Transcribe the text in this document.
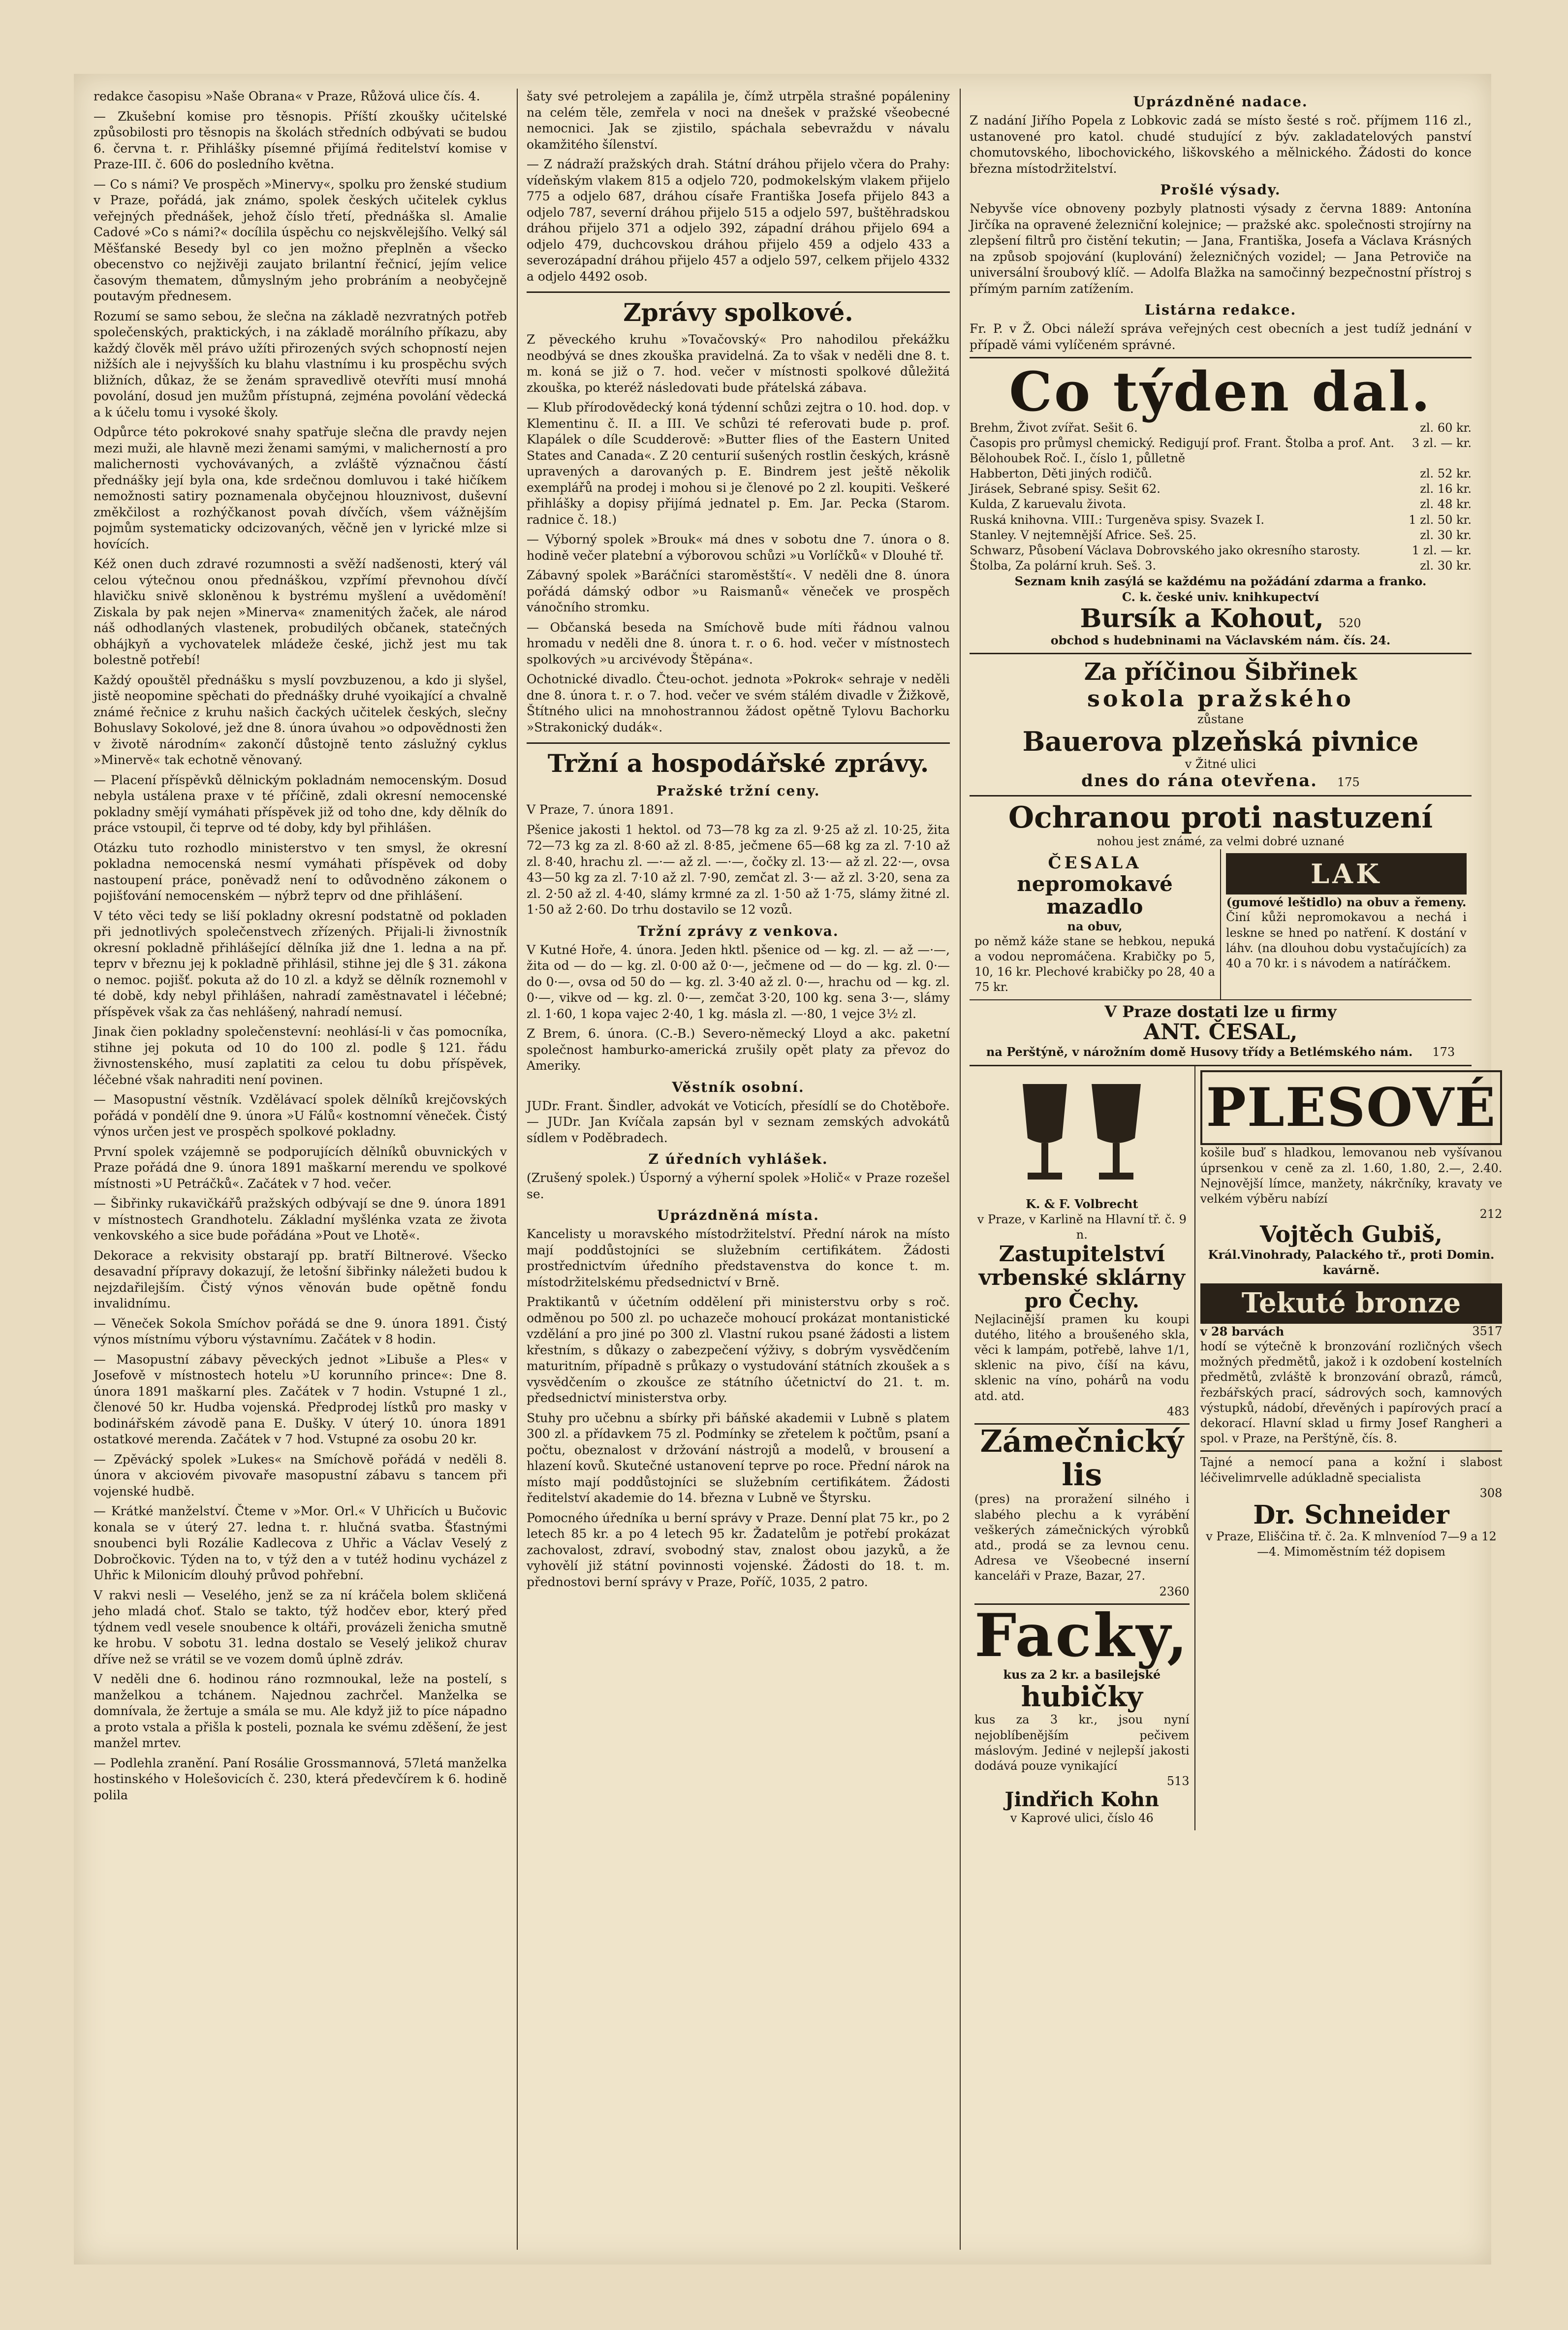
redakce časopisu »Naše Obrana« v Praze, Růžová ulice čís. 4.

— Zkušební komise pro těsnopis. Příští zkoušky učitelské způsobilosti pro těsnopis na školách středních odbývati se budou 6. června t. r. Přihlášky písemné přijímá ředitelství komise v Praze-III. č. 606 do posledního května.

— Co s námi? Ve prospěch »Minervy«, spolku pro ženské studium v Praze, pořádá, jak známo, spolek českých učitelek cyklus veřejných přednášek, jehož číslo třetí, přednáška sl. Amalie Cadové »Co s námi?« docílila úspěchu co nejskvělejšího. Velký sál Měšťanské Besedy byl co jen možno přeplněn a všecko obecenstvo co nejživěji zaujato brilantní řečnicí, jejím velice časovým thematem, důmyslným jeho probráním a neobyčejně poutavým přednesem.

Rozumí se samo sebou, že slečna na základě nezvratných potřeb společenských, praktických, i na základě morálního příkazu, aby každý člověk měl právo užíti přirozených svých schopností nejen nižších ale i nejvyšších ku blahu vlastnímu i ku prospěchu svých bližních, důkaz, že se ženám spravedlivě otevříti musí mnohá povolání, dosud jen mužům přístupná, zejména povolání vědecká a k účelu tomu i vysoké školy.

Odpůrce této pokrokové snahy spatřuje slečna dle pravdy nejen mezi muži, ale hlavně mezi ženami samými, v malicherností a pro malichernosti vychovávaných, a zvláště význačnou částí přednášky její byla ona, kde srdečnou domluvou i také hičíkem nemožnosti satiry poznamenala obyčejnou hlouznivost, duševní změkčilost a rozhýčkanost povah dívčích, všem vážnějším pojmům systematicky odcizovaných, věčně jen v lyrické mlze si hovících.

Kéž onen duch zdravé rozumnosti a svěží nadšenosti, který vál celou výtečnou onou přednáškou, vzpřímí převnohou dívčí hlavičku snivě skloněnou k bystrému myšlení a uvědomění! Ziskala by pak nejen »Minerva« znamenitých žaček, ale národ náš odhodlaných vlastenek, probudilých občanek, statečných obhájkyň a vychovatelek mládeže české, jichž jest mu tak bolestně potřebí!

Každý opouštěl přednášku s myslí povzbuzenou, a kdo ji slyšel, jistě neopomine spěchati do přednášky druhé vyoikající a chvalně známé řečnice z kruhu našich čackých učitelek českých, slečny Bohuslavy Sokolové, jež dne 8. února úvahou »o odpovědnosti žen v životě národním« zakončí důstojně tento záslužný cyklus »Minervě« tak echotně věnovaný.

— Placení příspěvků dělnickým pokladnám nemocenským. Dosud nebyla ustálena praxe v té příčině, zdali okresní nemocenské pokladny smějí vymáhati příspěvek již od toho dne, kdy dělník do práce vstoupil, či teprve od té doby, kdy byl přihlášen.

Otázku tuto rozhodlo ministerstvo v ten smysl, že okresní pokladna nemocenská nesmí vymáhati příspěvek od doby nastoupení práce, poněvadž není to odůvodněno zákonem o pojišťování nemocenském — nýbrž teprv od dne přihlášení.

V této věci tedy se liší pokladny okresní podstatně od pokladen při jednotlivých společenstvech zřízených. Přijali-li živnostník okresní pokladně přihlášející dělníka již dne 1. ledna a na př. teprv v březnu jej k pokladně přihlásil, stihne jej dle § 31. zákona o nemoc. pojišť. pokuta až do 10 zl. a když se dělník roznemohl v té době, kdy nebyl přihlášen, nahradí zaměstnavatel i léčebné; příspěvek však za čas nehlášený, nahradí nemusí.

Jinak čien pokladny společenstevní: neohlásí-li v čas pomocníka, stihne jej pokuta od 10 do 100 zl. podle § 121. řádu živnostenského, musí zaplatiti za celou tu dobu příspěvek, léčebné však nahraditi není povinen.

— Masopustní věstník. Vzdělávací spolek dělníků krejčovských pořádá v pondělí dne 9. února »U Fálů« kostnomní věneček. Čistý výnos určen jest ve prospěch spolkové pokladny.

První spolek vzájemně se podporujících dělníků obuvnických v Praze pořádá dne 9. února 1891 maškarní merendu ve spolkové místnosti »U Petráčků«. Začátek v 7 hod. večer.

— Šibřinky rukavičkářů pražských odbývají se dne 9. února 1891 v místnostech Grandhotelu. Základní myšlénka vzata ze života venkovského a sice bude pořádána »Pout ve Lhotě«.

Dekorace a rekvisity obstarají pp. bratří Biltnerové. Všecko desavadní přípravy dokazují, že letošní šibřinky náležeti budou k nejzdařilejším. Čistý výnos věnován bude opětně fondu invalidnímu.

— Věneček Sokola Smíchov pořádá se dne 9. února 1891. Čistý výnos místnímu výboru výstavnímu. Začátek v 8 hodin.

— Masopustní zábavy pěveckých jednot »Libuše a Ples« v Josefově v místnostech hotelu »U korunního prince«: Dne 8. února 1891 maškarní ples. Začátek v 7 hodin. Vstupné 1 zl., členové 50 kr. Hudba vojenská. Předprodej lístků pro masky v bodinářském závodě pana E. Dušky. V úterý 10. února 1891 ostatkové merenda. Začátek v 7 hod. Vstupné za osobu 20 kr.

— Zpěvácký spolek »Lukes« na Smíchově pořádá v neděli 8. února v akciovém pivovaře masopustní zábavu s tancem při vojenské hudbě.

— Krátké manželství. Čteme v »Mor. Orl.« V Uhřicích u Bučovic konala se v úterý 27. ledna t. r. hlučná svatba. Šťastnými snoubenci byli Rozálie Kadlecova z Uhřic a Václav Veselý z Dobročkovic. Týden na to, v týž den a v tutéž hodinu vycházel z Uhřic k Milonicím dlouhý průvod pohřební.

V rakvi nesli — Veselého, jenž se za ní kráčela bolem skličená jeho mladá choť. Stalo se takto, týž hodčev ebor, který před týdnem vedl vesele snoubence k oltáři, provázeli ženicha smutně ke hrobu. V sobotu 31. ledna dostalo se Veselý jelikož churav dříve než se vrátil se ve vozem domů úplně zdráv.

V neděli dne 6. hodinou ráno rozmnoukal, leže na postelí, s manželkou a tchánem. Najednou zachrčel. Manželka se domnívala, že žertuje a smála se mu. Ale když již to píce nápadno a proto vstala a přišla k posteli, poznala ke svému zděšení, že jest manžel mrtev.

— Podlehla zranění. Paní Rosálie Grossmannová, 57letá manželka hostinského v Holešovicích č. 230, která předevčírem k 6. hodině polila

šaty své petrolejem a zapálila je, čímž utrpěla strašné popáleniny na celém těle, zemřela v noci na dnešek v pražské všeobecné nemocnici. Jak se zjistilo, spáchala sebevraždu v návalu okamžitého šílenství.

— Z nádraží pražských drah. Státní dráhou přijelo včera do Prahy: vídeňským vlakem 815 a odjelo 720, podmokelským vlakem přijelo 775 a odjelo 687, dráhou císaře Františka Josefa přijelo 843 a odjelo 787, severní dráhou přijelo 515 a odjelo 597, buštěhradskou dráhou přijelo 371 a odjelo 392, západní dráhou přijelo 694 a odjelo 479, duchcovskou dráhou přijelo 459 a odjelo 433 a severozápadní dráhou přijelo 457 a odjelo 597, celkem přijelo 4332 a odjelo 4492 osob.

Zprávy spolkové.

Z pěveckého kruhu »Tovačovský« Pro nahodilou překážku neodbývá se dnes zkouška pravidelná. Za to však v neděli dne 8. t. m. koná se již o 7. hod. večer v místnosti spolkové důležitá zkouška, po kteréž následovati bude přátelská zábava.

— Klub přírodovědecký koná týdenní schůzi zejtra o 10. hod. dop. v Klementinu č. II. a III. Ve schůzi té referovati bude p. prof. Klapálek o díle Scudderově: »Butter flies of the Eastern United States and Canada«. Z 20 centurií sušených rostlin českých, krásně upravených a darovaných p. E. Bindrem jest ještě několik exemplářů na prodej i mohou si je členové po 2 zl. koupiti. Veškeré přihlášky a dopisy přijímá jednatel p. Em. Jar. Pecka (Starom. radnice č. 18.)

— Výborný spolek »Brouk« má dnes v sobotu dne 7. února o 8. hodině večer platební a výborovou schůzi »u Vorlíčků« v Dlouhé tř.

Zábavný spolek »Baráčníci staroměstští«. V neděli dne 8. února pořádá dámský odbor »u Raismanů« věneček ve prospěch vánočního stromku.

— Občanská beseda na Smíchově bude míti řádnou valnou hromadu v neděli dne 8. února t. r. o 6. hod. večer v místnostech spolkových »u arcivévody Štěpána«.

Ochotnické divadlo. Čteu-ochot. jednota »Pokrok« sehraje v neděli dne 8. února t. r. o 7. hod. večer ve svém stálém divadle v Žižkově, Štítného ulici na mnohostrannou žádost opětně Tylovu Bachorku »Strakonický dudák«.

Tržní a hospodářské zprávy.
Pražské tržní ceny.

V Praze, 7. února 1891.

Pšenice jakosti 1 hektol. od 73—78 kg za zl. 9·25 až zl. 10·25, žita 72—73 kg za zl. 8·60 až zl. 8·85, ječmene 65—68 kg za zl. 7·10 až zl. 8·40, hrachu zl. —·— až zl. —·—, čočky zl. 13·— až zl. 22·—, ovsa 43—50 kg za zl. 7·10 až zl. 7·90, zemčat zl. 3·— až zl. 3·20, sena za zl. 2·50 až zl. 4·40, slámy krmné za zl. 1·50 až 1·75, slámy žitné zl. 1·50 až 2·60. Do trhu dostavilo se 12 vozů.

Tržní zprávy z venkova.

V Kutné Hoře, 4. února. Jeden hktl. pšenice od — kg. zl. — až —·—, žita od — do — kg. zl. 0·00 až 0·—, ječmene od — do — kg. zl. 0·— do 0·—, ovsa od 50 do — kg. zl. 3·40 až zl. 0·—, hrachu od — kg. zl. 0·—, vikve od — kg. zl. 0·—, zemčat 3·20, 100 kg. sena 3·—, slámy zl. 1·60, 1 kopa vajec 2·40, 1 kg. másla zl. —·80, 1 vejce 3½ zl.

Z Brem, 6. února. (C.-B.) Severo-německý Lloyd a akc. paketní společnost hamburko-americká zrušily opět platy za převoz do Ameriky.

Věstník osobní.

JUDr. Frant. Šindler, advokát ve Voticích, přesídlí se do Chotěboře. — JUDr. Jan Kvíčala zapsán byl v seznam zemských advokátů sídlem v Poděbradech.

Z úředních vyhlášek.

(Zrušený spolek.) Úsporný a výherní spolek »Holič« v Praze rozešel se.

Uprázdněná místa.

Kancelisty u moravského místodržitelství. Přední nárok na místo mají poddůstojníci se služebním certifikátem. Žádosti prostřednictvím úředního představenstva do konce t. m. místodržitelskému předsednictví v Brně.

Praktikantů v účetním oddělení při ministerstvu orby s roč. odměnou po 500 zl. po uchazeče mohoucí prokázat montanistické vzdělání a pro jiné po 300 zl. Vlastní rukou psané žádosti a listem křestním, s důkazy o zabezpečení výživy, s dobrým vysvědčením maturitním, případně s průkazy o vystudování státních zkoušek a s vysvědčením o zkoušce ze státního účetnictví do 21. t. m. předsednictví ministerstva orby.

Stuhy pro učebnu a sbírky při báňské akademii v Lubně s platem 300 zl. a přídavkem 75 zl. Podmínky se zřetelem k počtům, psaní a počtu, obeznalost v držování nástrojů a modelů, v brousení a hlazení kovů. Skutečné ustanovení teprve po roce. Přední nárok na místo mají poddůstojníci se služebním certifikátem. Žádosti ředitelství akademie do 14. března v Lubně ve Štyrsku.

Pomocného úředníka u berní správy v Praze. Denní plat 75 kr., po 2 letech 85 kr. a po 4 letech 95 kr. Žadatelům je potřebí prokázat zachovalost, zdraví, svobodný stav, znalost obou jazyků, a že vyhovělí již státní povinnosti vojenské. Žádosti do 18. t. m. přednostovi berní správy v Praze, Poříč, 1035, 2 patro.

Uprázdněné nadace.

Z nadání Jiřího Popela z Lobkovic zadá se místo šesté s roč. příjmem 116 zl., ustanovené pro katol. chudé studující z býv. zakladatelových panství chomutovského, libochovického, liškovského a mělnického. Žádosti do konce března místodržitelství.

Prošlé výsady.

Nebyvše více obnoveny pozbyly platnosti výsady z června 1889: Antonína Jirčíka na opravené železniční kolejnice; — pražské akc. společnosti strojírny na zlepšení filtrů pro čistění tekutin; — Jana, Františka, Josefa a Václava Krásných na způsob spojování (kuplování) železničných vozidel; — Jana Petroviče na universální šroubový klíč. — Adolfa Blažka na samočinný bezpečnostní přístroj s přímým parním zatížením.

Listárna redakce.

Fr. P. v Ž. Obci náleží správa veřejných cest obecních a jest tudíž jednání v případě vámi vylíčeném správné.

Co týden dal.
Brehm, Život zvířat. Sešit 6.	zl. 60 kr.
Časopis pro průmysl chemický. Redigují prof. Frant. Štolba a prof. Ant. Bělohoubek Roč. I., číslo 1, půlletně
3 zl. — kr.
Habberton, Děti jiných rodičů.	zl. 52 kr.
Jirásek, Sebrané spisy. Sešit 62.	zl. 16 kr.
Kulda, Z karuevalu života.	zl. 48 kr.
Ruská knihovna. VIII.: Turgeněva spisy. Svazek I.	1 zl. 50 kr.
Stanley. V nejtemnější Africe. Seš. 25.	zl. 30 kr.
Schwarz, Působení Václava Dobrovského jako okresního starosty.	1 zl. — kr.
Štolba, Za polární kruh. Seš. 3.	zl. 30 kr.
Seznam knih zasýlá se každému na požádání zdarma a franko.
C. k. české univ. knihkupectví
Bursík a Kohout, 520
obchod s hudebninami na Václavském nám. čís. 24.
Za příčinou Šibřinek
sokola pražského
zůstane
Bauerova plzeňská pivnice
v Žitné ulici
dnes do rána otevřena. 175
Ochranou proti nastuzení
nohou jest známé, za velmi dobré uznané
ČESALA
nepromokavé mazadlo
na obuv,
po němž káže stane se hebkou, nepuká a vodou nepromáčena. Krabičky po 5, 10, 16 kr. Plechové krabičky po 28, 40 a 75 kr.
LAK
(gumové leštidlo) na obuv a řemeny.
Činí kůži nepromokavou a nechá i leskne se hned po natření. K dostání v láhv. (na dlouhou dobu vystačujících) za 40 a 70 kr. i s návodem a natíráčkem.
V Praze dostati lze u firmy
ANT. ČESAL,
na Perštýně, v nárožním domě Husovy třídy a Betlémského nám. 173
K. & F. Volbrecht
v Praze, v Karlině na Hlavní tř. č. 9 n.
Zastupitelství
vrbenské sklárny
pro Čechy.
Nejlacinější pramen ku koupi dutého, litého a broušeného skla, věci k lampám, potřebě, lahve 1/1, sklenic na pivo, číší na kávu, sklenic na víno, pohárů na vodu atd. atd.
483
Zámečnický lis
(pres) na proražení silného i slabého plechu a k vyrábění veškerých zámečnických výrobků atd., prodá se za levnou cenu. Adresa ve Všeobecné inserní kanceláři v Praze, Bazar, 27.
2360
Facky,
kus za 2 kr. a basilejské
hubičky
kus za 3 kr., jsou nyní nejoblíbenějším pečivem máslovým. Jediné v nejlepší jakosti dodává pouze vynikající
513
Jindřich Kohn
v Kaprové ulici, číslo 46
PLESOVÉ
košile buď s hladkou, lemovanou neb vyšívanou úprsenkou v ceně za zl. 1.60, 1.80, 2.—, 2.40. Nejnovější límce, manžety, nákrčníky, kravaty ve velkém výběru nabízí
212
Vojtěch Gubiš,
Král.Vinohrady, Palackého tř., proti Domin. kavárně.
Tekuté bronze
v 28 barvách	3517
hodí se výtečně k bronzování rozličných všech možných předmětů, jakož i k ozdobení kostelních předmětů, zvláště k bronzování obrazů, rámců, řezbářských prací, sádrových soch, kamnových výstupků, nádobí, dřevěných i papírových prací a dekorací. Hlavní sklad u firmy Josef Rangheri a spol. v Praze, na Perštýně, čís. 8.
Tajné a nemocí pana a kožní i slabost léčivelimrvelle adúkladně specialista
308
Dr. Schneider
v Praze, Eliščina tř. č. 2a. K mlnveníod 7—9 a 12—4. Mimoměstním též dopisem
